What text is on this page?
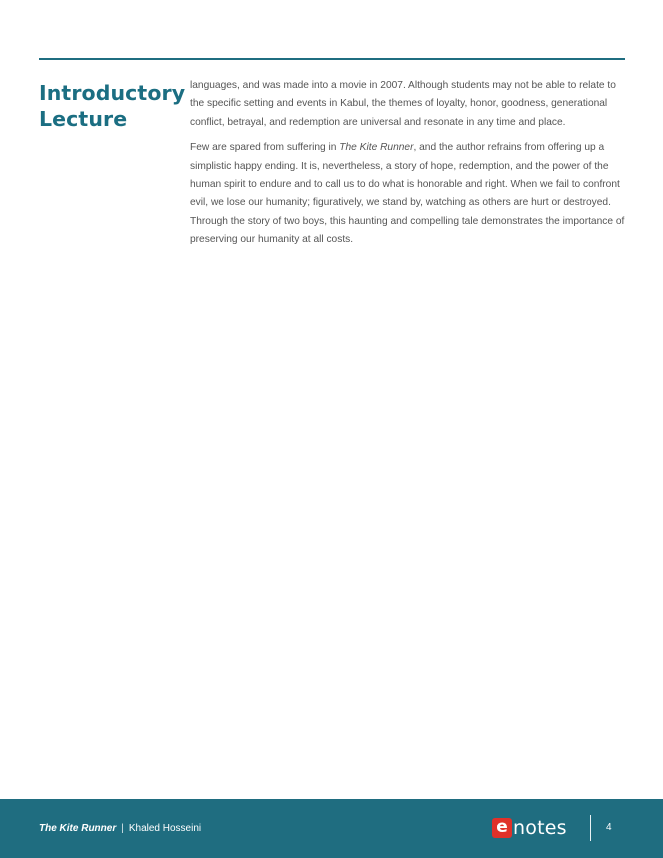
Introductory Lecture

languages, and was made into a movie in 2007. Although students may not be able to relate to the specific setting and events in Kabul, the themes of loyalty, honor, goodness, generational conflict, betrayal, and redemption are universal and resonate in any time and place.

Few are spared from suffering in The Kite Runner, and the author refrains from offering up a simplistic happy ending. It is, nevertheless, a story of hope, redemption, and the power of the human spirit to endure and to call us to do what is honorable and right. When we fail to confront evil, we lose our humanity; figuratively, we stand by, watching as others are hurt or destroyed. Through the story of two boys, this haunting and compelling tale demonstrates the importance of preserving our humanity at all costs.

The Kite Runner | Khaled Hosseini	e notes	4
